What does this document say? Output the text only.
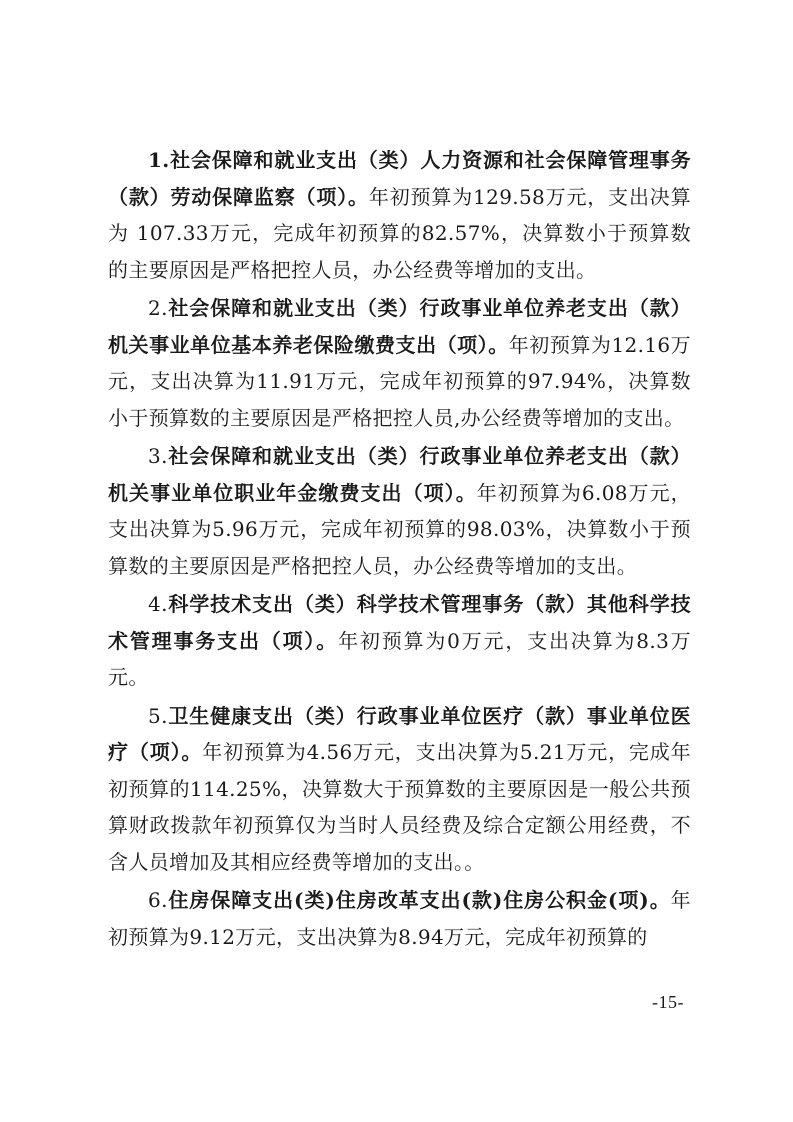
1.社会保障和就业支出（类）人力资源和社会保障管理事务（款）劳动保障监察（项）。年初预算为129.58万元，支出决算为 107.33万元，完成年初预算的82.57%，决算数小于预算数的主要原因是严格把控人员，办公经费等增加的支出。

2.社会保障和就业支出（类）行政事业单位养老支出（款）机关事业单位基本养老保险缴费支出（项）。年初预算为12.16万元，支出决算为11.91万元，完成年初预算的97.94%，决算数小于预算数的主要原因是严格把控人员,办公经费等增加的支出。

3.社会保障和就业支出（类）行政事业单位养老支出（款）机关事业单位职业年金缴费支出（项）。年初预算为6.08万元，支出决算为5.96万元，完成年初预算的98.03%，决算数小于预算数的主要原因是严格把控人员，办公经费等增加的支出。

4.科学技术支出（类）科学技术管理事务（款）其他科学技术管理事务支出（项）。年初预算为0万元，支出决算为8.3万元。

5.卫生健康支出（类）行政事业单位医疗（款）事业单位医疗（项）。年初预算为4.56万元，支出决算为5.21万元，完成年初预算的114.25%，决算数大于预算数的主要原因是一般公共预算财政拨款年初预算仅为当时人员经费及综合定额公用经费，不含人员增加及其相应经费等增加的支出。。

6.住房保障支出(类)住房改革支出(款)住房公积金(项)。年初预算为9.12万元，支出决算为8.94万元，完成年初预算的

-15-
